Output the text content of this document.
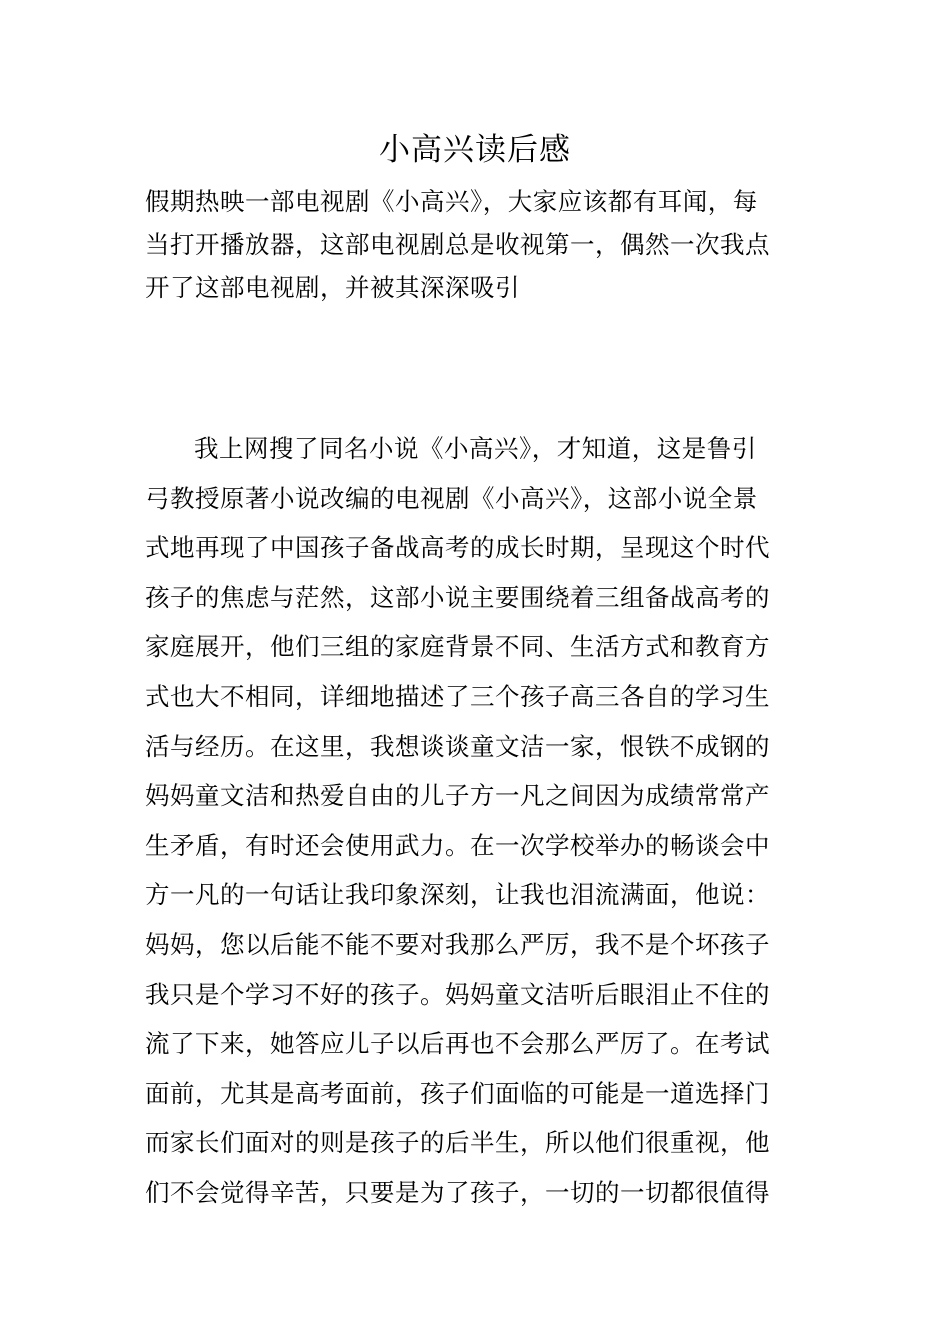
小高兴读后感
假期热映一部电视剧《小高兴》，大家应该都有耳闻，每
当打开播放器，这部电视剧总是收视第一，偶然一次我点
开了这部电视剧，并被其深深吸引
我上网搜了同名小说《小高兴》，才知道，这是鲁引
弓教授原著小说改编的电视剧《小高兴》，这部小说全景
式地再现了中国孩子备战高考的成长时期，呈现这个时代
孩子的焦虑与茫然，这部小说主要围绕着三组备战高考的
家庭展开，他们三组的家庭背景不同、生活方式和教育方
式也大不相同，详细地描述了三个孩子高三各自的学习生
活与经历。在这里，我想谈谈童文洁一家，恨铁不成钢的
妈妈童文洁和热爱自由的儿子方一凡之间因为成绩常常产
生矛盾，有时还会使用武力。在一次学校举办的畅谈会中
方一凡的一句话让我印象深刻，让我也泪流满面，他说：
妈妈，您以后能不能不要对我那么严厉，我不是个坏孩子
我只是个学习不好的孩子。妈妈童文洁听后眼泪止不住的
流了下来，她答应儿子以后再也不会那么严厉了。在考试
面前，尤其是高考面前，孩子们面临的可能是一道选择门
而家长们面对的则是孩子的后半生，所以他们很重视，他
们不会觉得辛苦，只要是为了孩子，一切的一切都很值得
